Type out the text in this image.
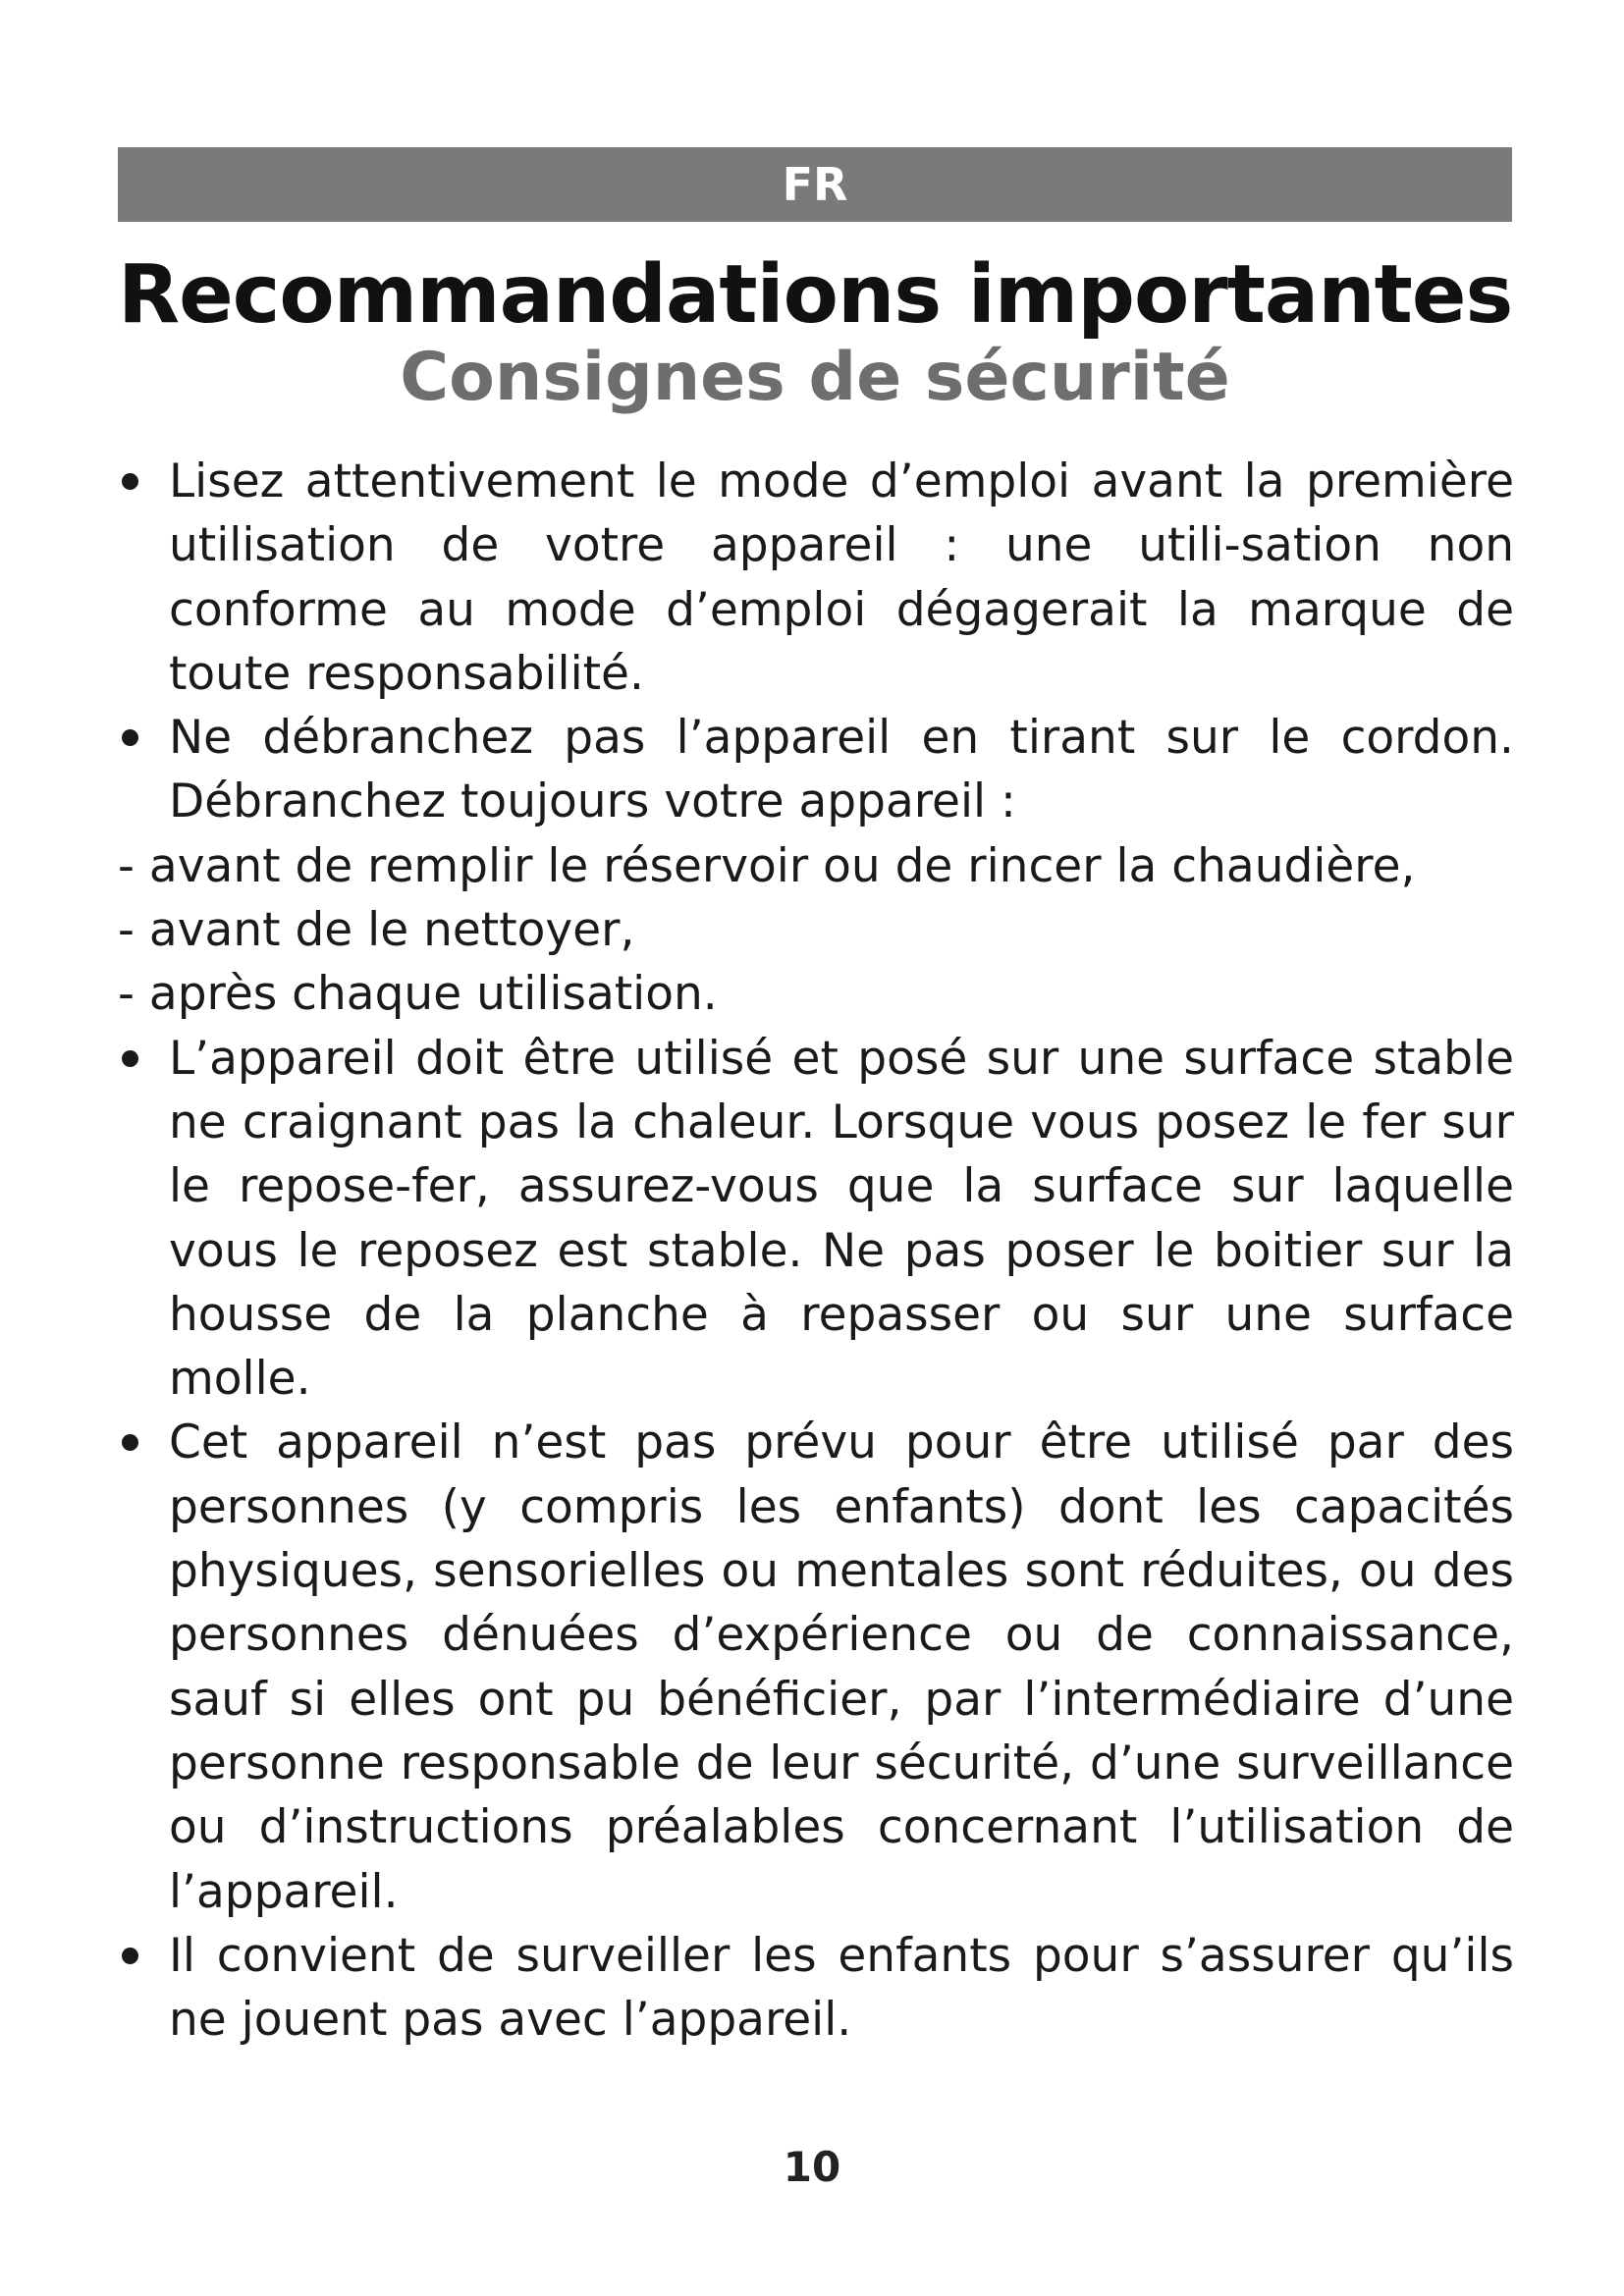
FR
Recommandations importantes
Consignes de sécurité
Lisez attentivement le mode d’emploi avant la première utilisation de votre appareil : une utili-sation non conforme au mode d’emploi dégagerait la marque de toute responsabilité.
Ne débranchez pas l’appareil en tirant sur le cordon. Débranchez toujours votre appareil :
- avant de remplir le réservoir ou de rincer la chaudière,
- avant de le nettoyer,
- après chaque utilisation.
L’appareil doit être utilisé et posé sur une surface stable ne craignant pas la chaleur. Lorsque vous posez le fer sur le repose-fer, assurez-vous que la surface sur laquelle vous le reposez est stable. Ne pas poser le boitier sur la housse de la planche à repasser ou sur une surface molle.
Cet appareil n’est pas prévu pour être utilisé par des personnes (y compris les enfants) dont les capacités physiques, sensorielles ou mentales sont réduites, ou des personnes dénuées d’expérience ou de connaissance, sauf si elles ont pu bénéficier, par l’intermédiaire d’une personne responsable de leur sécurité, d’une surveillance ou d’instructions préalables concernant l’utilisation de l’appareil.
Il convient de surveiller les enfants pour s’assurer qu’ils ne jouent pas avec l’appareil.
10
